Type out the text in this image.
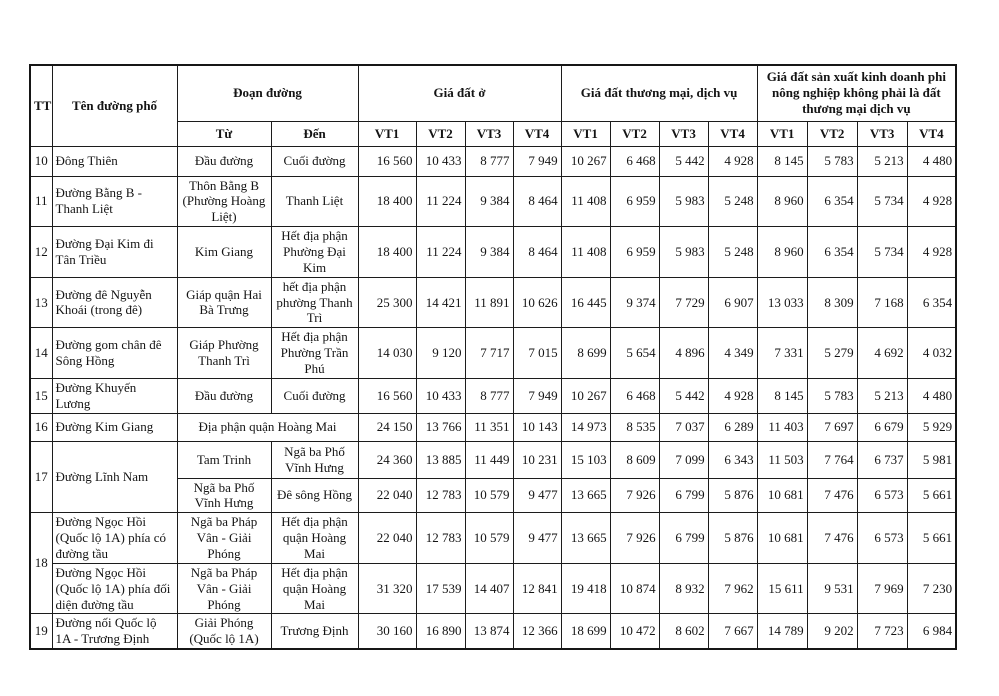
TT	Tên đường phố	Đoạn đường		Giá đất ở				Giá đất thương mại, dịch vụ				Giá đất sản xuất kinh doanh phi nông nghiệp không phải là đất thương mại dịch vụ			
		Từ	Đến	VT1	VT2	VT3	VT4	VT1	VT2	VT3	VT4	VT1	VT2	VT3	VT4
10	Đông Thiên	Đầu đường	Cuối đường	16 560	10 433	8 777	7 949	10 267	6 468	5 442	4 928	8 145	5 783	5 213	4 480
11	Đường Bằng B - Thanh Liệt	Thôn Bằng B (Phường Hoàng Liệt)	Thanh Liệt	18 400	11 224	9 384	8 464	11 408	6 959	5 983	5 248	8 960	6 354	5 734	4 928
12	Đường Đại Kim đi Tân Triều	Kim Giang	Hết địa phận Phường Đại Kim	18 400	11 224	9 384	8 464	11 408	6 959	5 983	5 248	8 960	6 354	5 734	4 928
13	Đường đê Nguyễn Khoái (trong đê)	Giáp quận Hai Bà Trưng	hết địa phận phường Thanh Trì	25 300	14 421	11 891	10 626	16 445	9 374	7 729	6 907	13 033	8 309	7 168	6 354
14	Đường gom chân đê Sông Hồng	Giáp Phường Thanh Trì	Hết địa phận Phường Trần Phú	14 030	9 120	7 717	7 015	8 699	5 654	4 896	4 349	7 331	5 279	4 692	4 032
15	Đường Khuyến Lương	Đầu đường	Cuối đường	16 560	10 433	8 777	7 949	10 267	6 468	5 442	4 928	8 145	5 783	5 213	4 480
16	Đường Kim Giang	Địa phận quận Hoàng Mai		24 150	13 766	11 351	10 143	14 973	8 535	7 037	6 289	11 403	7 697	6 679	5 929
17	Đường Lĩnh Nam	Tam Trinh	Ngã ba Phố Vĩnh Hưng	24 360	13 885	11 449	10 231	15 103	8 609	7 099	6 343	11 503	7 764	6 737	5 981
		Ngã ba Phố Vĩnh Hưng	Đê sông Hồng	22 040	12 783	10 579	9 477	13 665	7 926	6 799	5 876	10 681	7 476	6 573	5 661
18	Đường Ngọc Hồi (Quốc lộ 1A) phía có đường tầu	Ngã ba Pháp Vân - Giải Phóng	Hết địa phận quận Hoàng Mai	22 040	12 783	10 579	9 477	13 665	7 926	6 799	5 876	10 681	7 476	6 573	5 661
	Đường Ngọc Hồi (Quốc lộ 1A) phía đối diện đường tầu	Ngã ba Pháp Vân - Giải Phóng	Hết địa phận quận Hoàng Mai	31 320	17 539	14 407	12 841	19 418	10 874	8 932	7 962	15 611	9 531	7 969	7 230
19	Đường nối Quốc lộ 1A - Trương Định	Giải Phóng (Quốc lộ 1A)	Trương Định	30 160	16 890	13 874	12 366	18 699	10 472	8 602	7 667	14 789	9 202	7 723	6 984
